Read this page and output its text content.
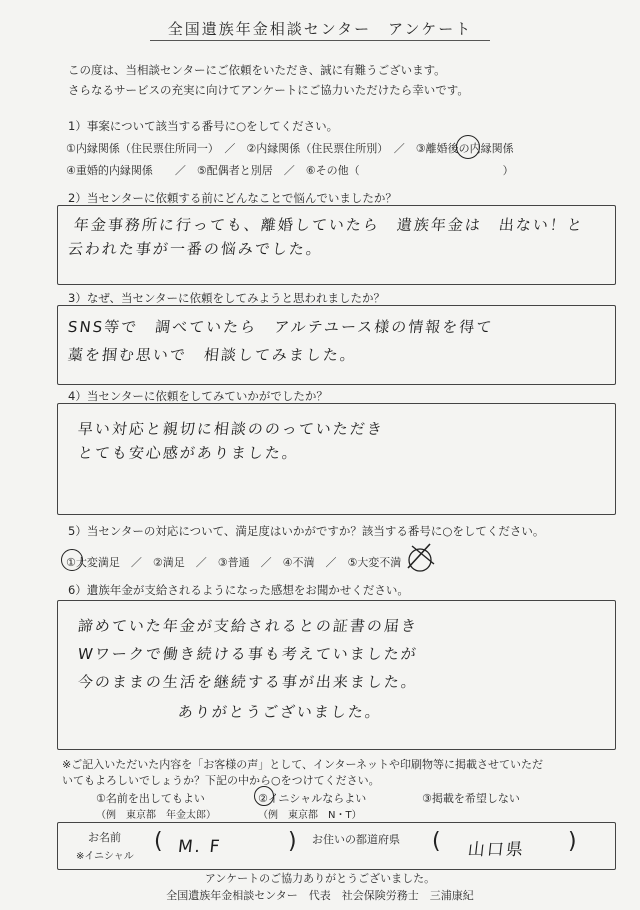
全国遺族年金相談センター　アンケート
この度は、当相談センターにご依頼をいただき、誠に有難うございます。
さらなるサービスの充実に向けてアンケートにご協力いただけたら幸いです。
1）事案について該当する番号に○をしてください。
①内縁関係（住民票住所同一）　／　②内縁関係（住民票住所別）　／　③離婚後の内縁関係
④重婚的内縁関係　　／　⑤配偶者と別居　／　⑥その他（　　　　　　　　　　　　　）
2）当センターに依頼する前にどんなことで悩んでいましたか？
年金事務所に行っても、離婚していたら　遺族年金は　出ない！と
云われた事が一番の悩みでした。
3）なぜ、当センターに依頼をしてみようと思われましたか？
SNS等で　調べていたら　アルテユース様の情報を得て
藁を掴む思いで　相談してみました。
4）当センターに依頼をしてみていかがでしたか？
早い対応と親切に相談ののっていただき
とても安心感がありました。
5）当センターの対応について、満足度はいかがですか？該当する番号に○をしてください。
①大変満足　／　②満足　／　③普通　／　④不満　／　⑤大変不満
6）遺族年金が支給されるようになった感想をお聞かせください。
諦めていた年金が支給されるとの証書の届き
Wワークで働き続ける事も考えていましたが
今のままの生活を継続する事が出来ました。
ありがとうございました。
※ご記入いただいた内容を「お客様の声」として、インターネットや印刷物等に掲載させていただ
いてもよろしいでしょうか？下記の中から○をつけてください。
①名前を出してもよい
（例　東京都　年金太郎）
②イニシャルならよい
（例　東京都　N・T）
③掲載を希望しない
お名前
※イニシャル
( M. F	) お住いの都道府県 ( 山口県 )
アンケートのご協力ありがとうございました。
全国遺族年金相談センター　代表　社会保険労務士　三浦康紀
